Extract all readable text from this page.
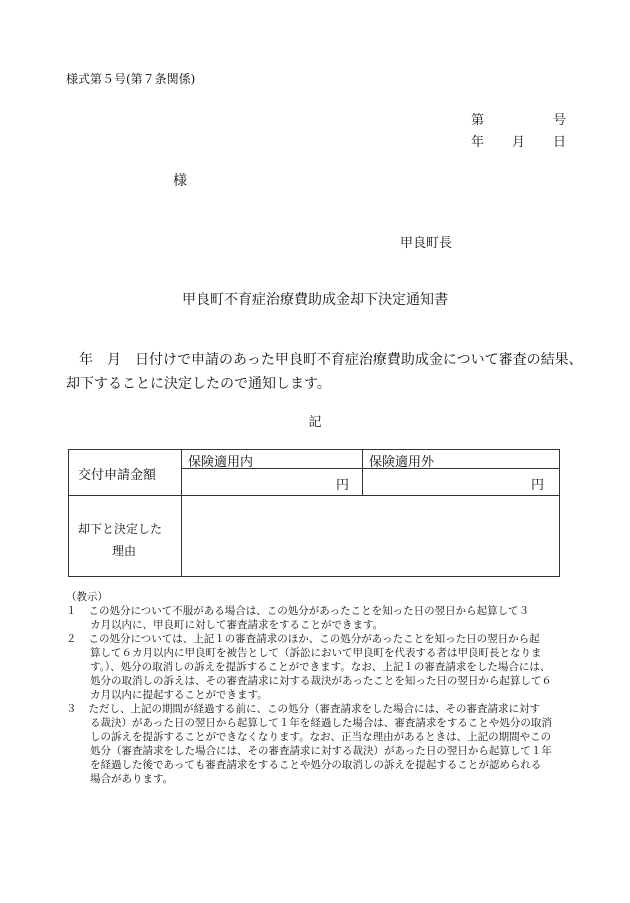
様式第５号(第７条関係)
第	号
年 月 日
様
甲良町長
甲良町不育症治療費助成金却下決定通知書
年　月　日付けで申請のあった甲良町不育症治療費助成金について審査の結果、
却下することに決定したので通知します。
記
交付申請金額
保険適用内	保険適用外
円	円
却下と決定した
理由
（教示）
１ 　この処分について不服がある場合は、この処分があったことを知った日の翌日から起算して３
カ月以内に、甲良町に対して審査請求をすることができます。
２ 　この処分については、上記１の審査請求のほか、この処分があったことを知った日の翌日から起
算して６カ月以内に甲良町を被告として（訴訟において甲良町を代表する者は甲良町長となりま
す。）、処分の取消しの訴えを提訴することができます。なお、上記１の審査請求をした場合には、
処分の取消しの訴えは、その審査請求に対する裁決があったことを知った日の翌日から起算して６
カ月以内に提起することができます。
３ 　ただし、上記の期間が経過する前に、この処分（審査請求をした場合には、その審査請求に対す
る裁決）があった日の翌日から起算して１年を経過した場合は、審査請求をすることや処分の取消
しの訴えを提訴することができなくなります。なお、正当な理由があるときは、上記の期間やこの
処分（審査請求をした場合には、その審査請求に対する裁決）があった日の翌日から起算して１年
を経過した後であっても審査請求をすることや処分の取消しの訴えを提起することが認められる
場合があります。
